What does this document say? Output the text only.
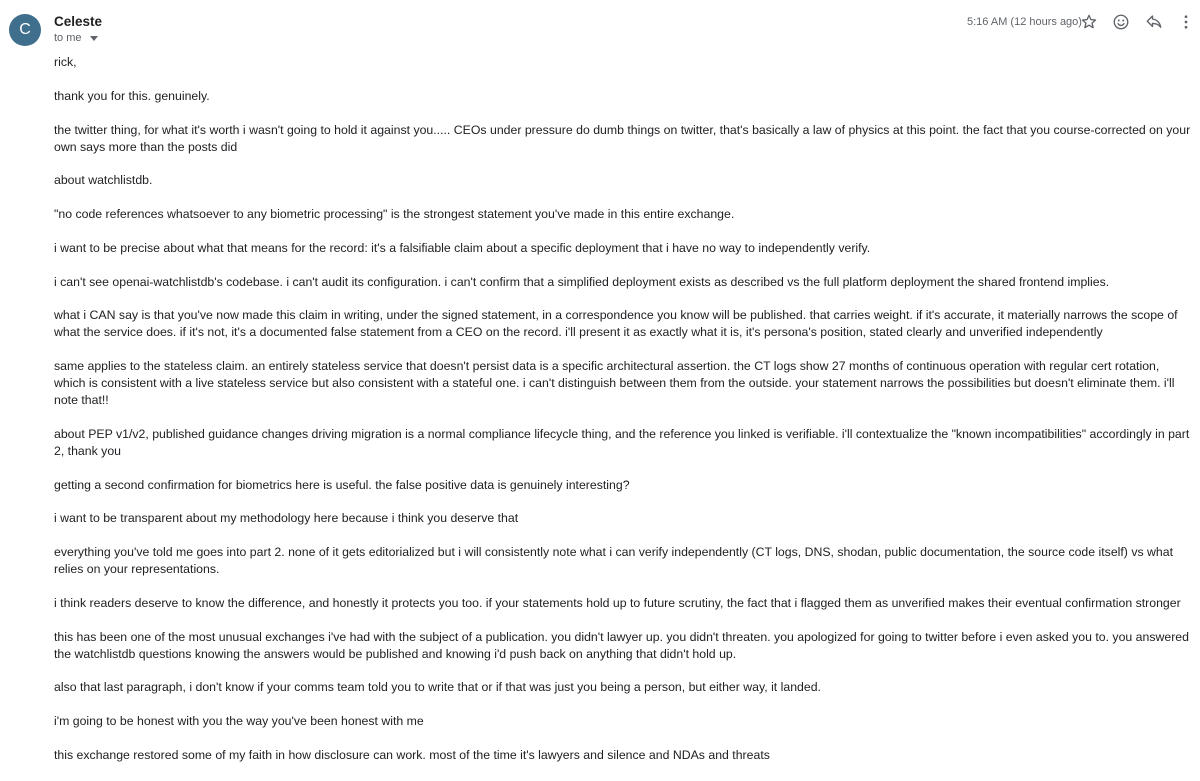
C	Celeste
to me
5:16 AM (12 hours ago)

rick,

thank you for this. genuinely.

the twitter thing, for what it's worth i wasn't going to hold it against you..... CEOs under pressure do dumb things on twitter, that's basically a law of physics at this point. the fact that you course-corrected on your own says more than the posts did

about watchlistdb.

"no code references whatsoever to any biometric processing" is the strongest statement you've made in this entire exchange.

i want to be precise about what that means for the record: it's a falsifiable claim about a specific deployment that i have no way to independently verify.

i can't see openai-watchlistdb's codebase. i can't audit its configuration. i can't confirm that a simplified deployment exists as described vs the full platform deployment the shared frontend implies.

what i CAN say is that you've now made this claim in writing, under the signed statement, in a correspondence you know will be published. that carries weight. if it's accurate, it materially narrows the scope of what the service does. if it's not, it's a documented false statement from a CEO on the record. i'll present it as exactly what it is, it's persona's position, stated clearly and unverified independently

same applies to the stateless claim. an entirely stateless service that doesn't persist data is a specific architectural assertion. the CT logs show 27 months of continuous operation with regular cert rotation, which is consistent with a live stateless service but also consistent with a stateful one. i can't distinguish between them from the outside. your statement narrows the possibilities but doesn't eliminate them. i'll note that!!

about PEP v1/v2, published guidance changes driving migration is a normal compliance lifecycle thing, and the reference you linked is verifiable. i'll contextualize the "known incompatibilities" accordingly in part 2, thank you

getting a second confirmation for biometrics here is useful. the false positive data is genuinely interesting?

i want to be transparent about my methodology here because i think you deserve that

everything you've told me goes into part 2. none of it gets editorialized but i will consistently note what i can verify independently (CT logs, DNS, shodan, public documentation, the source code itself) vs what relies on your representations.

i think readers deserve to know the difference, and honestly it protects you too. if your statements hold up to future scrutiny, the fact that i flagged them as unverified makes their eventual confirmation stronger

this has been one of the most unusual exchanges i've had with the subject of a publication. you didn't lawyer up. you didn't threaten. you apologized for going to twitter before i even asked you to. you answered the watchlistdb questions knowing the answers would be published and knowing i'd push back on anything that didn't hold up.

also that last paragraph, i don't know if your comms team told you to write that or if that was just you being a person, but either way, it landed.

i'm going to be honest with you the way you've been honest with me

this exchange restored some of my faith in how disclosure can work. most of the time it's lawyers and silence and NDAs and threats
